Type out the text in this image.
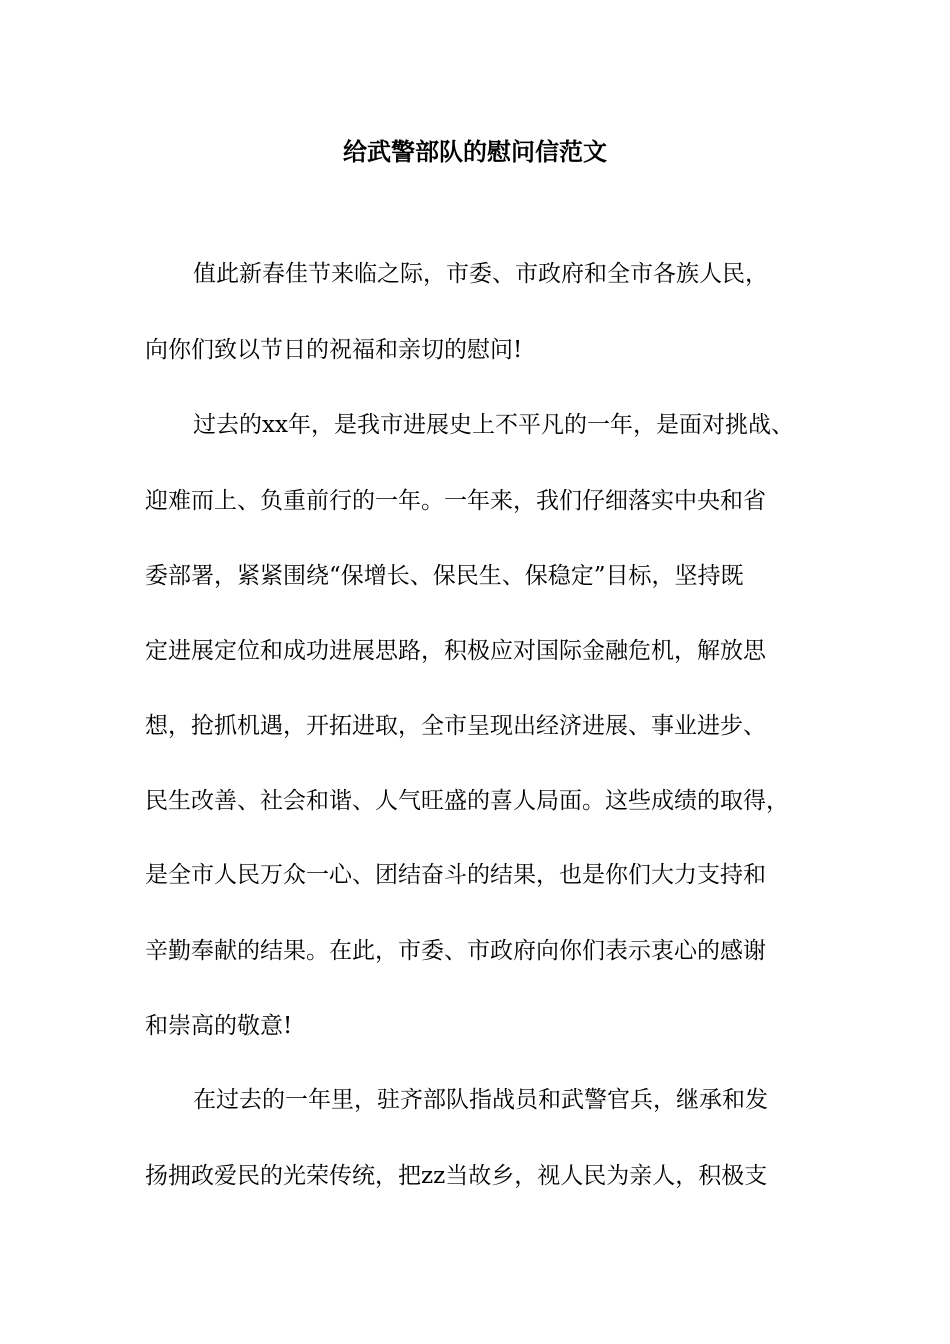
给武警部队的慰问信范文
值此新春佳节来临之际，市委、市政府和全市各族人民，
向你们致以节日的祝福和亲切的慰问!
过去的xx年，是我市进展史上不平凡的一年，是面对挑战、
迎难而上、负重前行的一年。一年来，我们仔细落实中央和省
委部署，紧紧围绕“保增长、保民生、保稳定”目标，坚持既
定进展定位和成功进展思路，积极应对国际金融危机，解放思
想，抢抓机遇，开拓进取，全市呈现出经济进展、事业进步、
民生改善、社会和谐、人气旺盛的喜人局面。这些成绩的取得，
是全市人民万众一心、团结奋斗的结果，也是你们大力支持和
辛勤奉献的结果。在此，市委、市政府向你们表示衷心的感谢
和崇高的敬意!
在过去的一年里，驻齐部队指战员和武警官兵，继承和发
扬拥政爱民的光荣传统，把zz当故乡，视人民为亲人，积极支
